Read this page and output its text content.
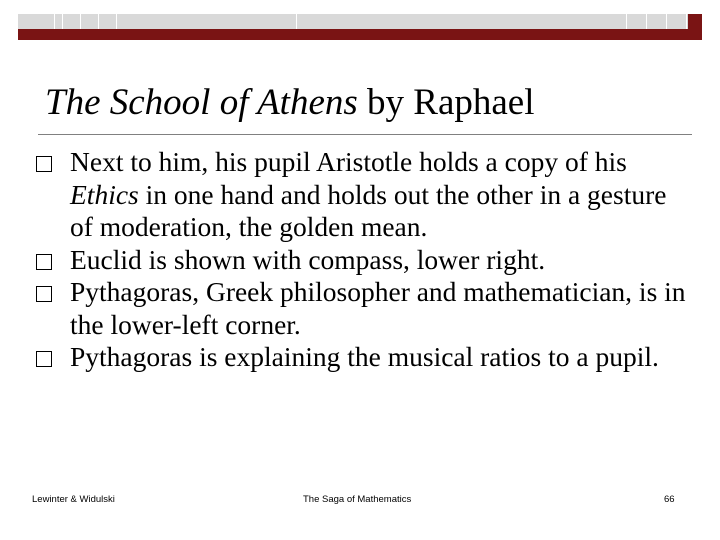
The School of Athens by Raphael
Next to him, his pupil Aristotle holds a copy of his Ethics in one hand and holds out the other in a gesture of moderation, the golden mean.
Euclid is shown with compass, lower right.
Pythagoras, Greek philosopher and mathematician, is in the lower-left corner.
Pythagoras is explaining the musical ratios to a pupil.
Lewinter & Widulski	The Saga of Mathematics	66
